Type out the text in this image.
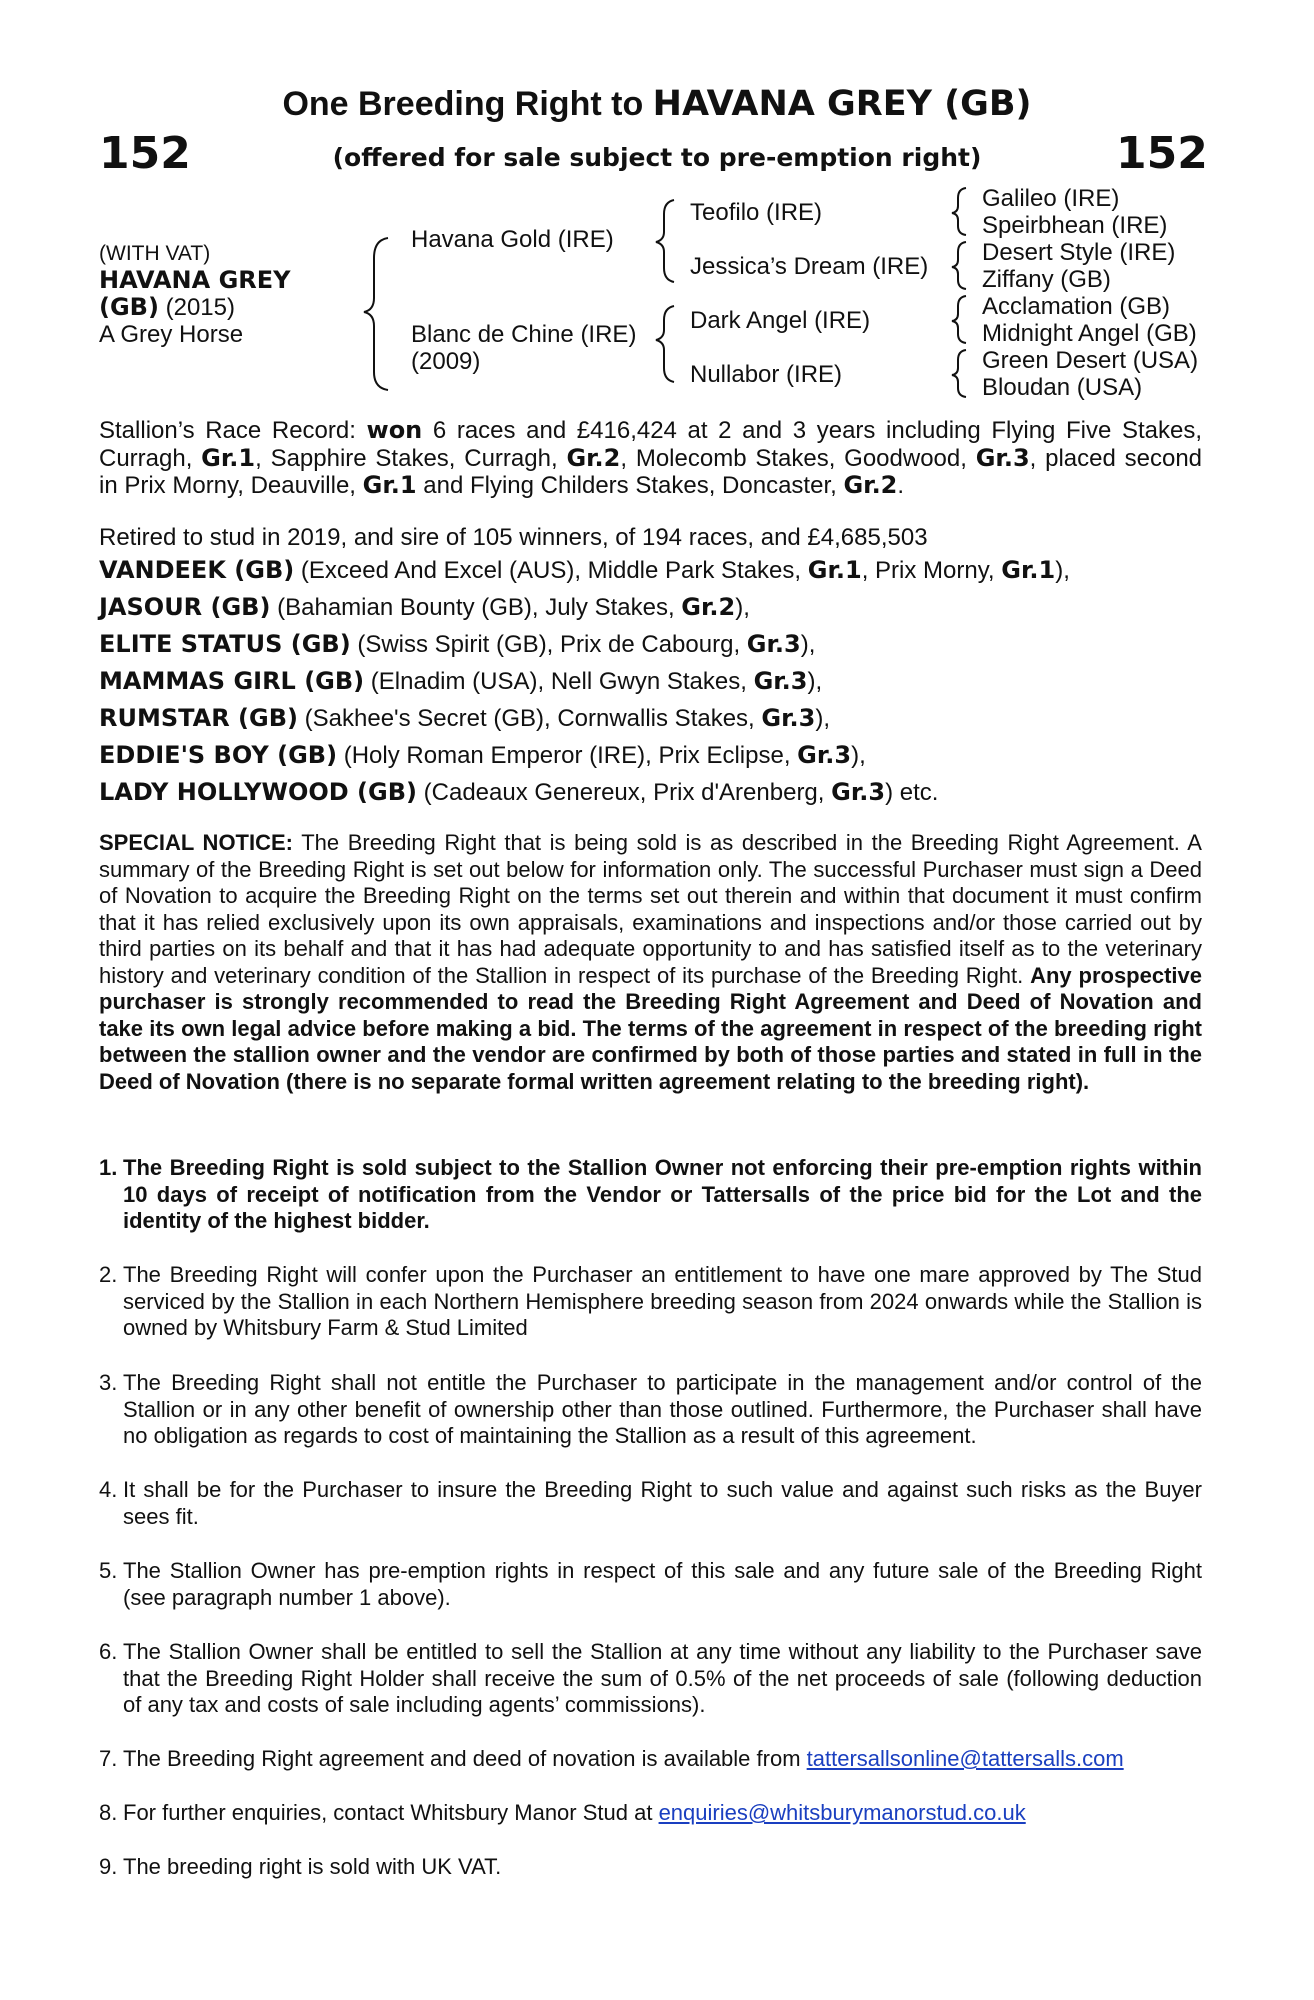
One Breeding Right to HAVANA GREY (GB)
(offered for sale subject to pre-emption right)
152	152
(WITH VAT)
HAVANA GREY
(GB) (2015)
A Grey Horse
Havana Gold (IRE)
Blanc de Chine (IRE)
(2009)
Teofilo (IRE)
Jessica’s Dream (IRE)
Dark Angel (IRE)
Nullabor (IRE)
Galileo (IRE)
Speirbhean (IRE)
Desert Style (IRE)
Ziffany (GB)
Acclamation (GB)
Midnight Angel (GB)
Green Desert (USA)
Bloudan (USA)
Stallion’s Race Record: won 6 races and £416,424 at 2 and 3 years including Flying Five Stakes, Curragh, Gr.1, Sapphire Stakes, Curragh, Gr.2, Molecomb Stakes, Goodwood, Gr.3, placed second in Prix Morny, Deauville, Gr.1 and Flying Childers Stakes, Doncaster, Gr.2.
Retired to stud in 2019, and sire of 105 winners, of 194 races, and £4,685,503
VANDEEK (GB) (Exceed And Excel (AUS), Middle Park Stakes, Gr.1, Prix Morny, Gr.1),
JASOUR (GB) (Bahamian Bounty (GB), July Stakes, Gr.2),
ELITE STATUS (GB) (Swiss Spirit (GB), Prix de Cabourg, Gr.3),
MAMMAS GIRL (GB) (Elnadim (USA), Nell Gwyn Stakes, Gr.3),
RUMSTAR (GB) (Sakhee's Secret (GB), Cornwallis Stakes, Gr.3),
EDDIE'S BOY (GB) (Holy Roman Emperor (IRE), Prix Eclipse, Gr.3),
LADY HOLLYWOOD (GB) (Cadeaux Genereux, Prix d'Arenberg, Gr.3) etc.
SPECIAL NOTICE: The Breeding Right that is being sold is as described in the Breeding Right Agreement. A summary of the Breeding Right is set out below for information only. The successful Purchaser must sign a Deed of Novation to acquire the Breeding Right on the terms set out therein and within that document it must confirm that it has relied exclusively upon its own appraisals, examinations and inspections and/or those carried out by third parties on its behalf and that it has had adequate opportunity to and has satisfied itself as to the veterinary history and veterinary condition of the Stallion in respect of its purchase of the Breeding Right. Any prospective purchaser is strongly recommended to read the Breeding Right Agreement and Deed of Novation and take its own legal advice before making a bid. The terms of the agreement in respect of the breeding right between the stallion owner and the vendor are confirmed by both of those parties and stated in full in the Deed of Novation (there is no separate formal written agreement relating to the breeding right).
1. The Breeding Right is sold subject to the Stallion Owner not enforcing their pre-emption rights within 10 days of receipt of notification from the Vendor or Tattersalls of the price bid for the Lot and the identity of the highest bidder.
2. The Breeding Right will confer upon the Purchaser an entitlement to have one mare approved by The Stud serviced by the Stallion in each Northern Hemisphere breeding season from 2024 onwards while the Stallion is owned by Whitsbury Farm & Stud Limited
3. The Breeding Right shall not entitle the Purchaser to participate in the management and/or control of the Stallion or in any other benefit of ownership other than those outlined. Furthermore, the Purchaser shall have no obligation as regards to cost of maintaining the Stallion as a result of this agreement.
4. It shall be for the Purchaser to insure the Breeding Right to such value and against such risks as the Buyer sees fit.
5. The Stallion Owner has pre-emption rights in respect of this sale and any future sale of the Breeding Right (see paragraph number 1 above).
6. The Stallion Owner shall be entitled to sell the Stallion at any time without any liability to the Purchaser save that the Breeding Right Holder shall receive the sum of 0.5% of the net proceeds of sale (following deduction of any tax and costs of sale including agents’ commissions).
7. The Breeding Right agreement and deed of novation is available from tattersallsonline@tattersalls.com
8. For further enquiries, contact Whitsbury Manor Stud at enquiries@whitsburymanorstud.co.uk
9. The breeding right is sold with UK VAT.
